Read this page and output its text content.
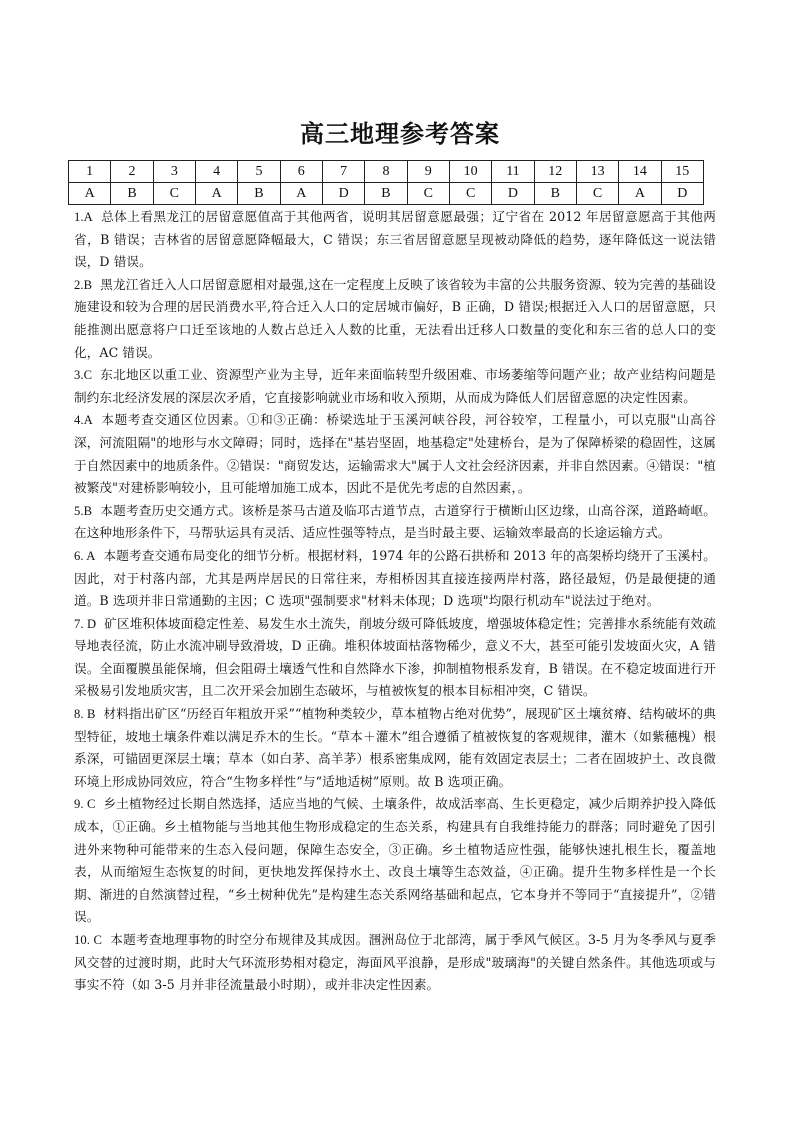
高三地理参考答案
1	2	3	4	5	6	7	8	9	10	11	12	13	14	15
A	B	C	A	B	A	D	B	C	C	D	B	C	A	D

1.A 总体上看黑龙江的居留意愿值高于其他两省，说明其居留意愿最强；辽宁省在 2012 年居留意愿高于其他两省，B 错误；吉林省的居留意愿降幅最大，C 错误；东三省居留意愿呈现被动降低的趋势，逐年降低这一说法错误，D 错误。

2.B 黑龙江省迁入人口居留意愿相对最强,这在一定程度上反映了该省较为丰富的公共服务资源、较为完善的基础设施建设和较为合理的居民消费水平,符合迁入人口的定居城市偏好，B 正确，D 错误;根据迁入人口的居留意愿，只能推测出愿意将户口迁至该地的人数占总迁入人数的比重，无法看出迁移人口数量的变化和东三省的总人口的变化，AC 错误。

3.C 东北地区以重工业、资源型产业为主导，近年来面临转型升级困难、市场萎缩等问题产业；故产业结构问题是制约东北经济发展的深层次矛盾，它直接影响就业市场和收入预期，从而成为降低人们居留意愿的决定性因素。

4.A 本题考查交通区位因素。①和③正确：桥梁选址于玉溪河峡谷段，河谷较窄，工程量小，可以克服"山高谷深，河流阻隔"的地形与水文障碍；同时，选择在"基岩坚固，地基稳定"处建桥台，是为了保障桥梁的稳固性，这属于自然因素中的地质条件。②错误："商贸发达，运输需求大"属于人文社会经济因素，并非自然因素。④错误："植被繁茂"对建桥影响较小，且可能增加施工成本，因此不是优先考虑的自然因素，。

5.B 本题考查历史交通方式。该桥是茶马古道及临邛古道节点，古道穿行于横断山区边缘，山高谷深，道路崎岖。在这种地形条件下，马帮驮运具有灵活、适应性强等特点，是当时最主要、运输效率最高的长途运输方式。

6. A 本题考查交通布局变化的细节分析。根据材料，1974 年的公路石拱桥和 2013 年的高架桥均绕开了玉溪村。因此，对于村落内部，尤其是两岸居民的日常往来，寿相桥因其直接连接两岸村落，路径最短，仍是最便捷的通道。B 选项并非日常通勤的主因；C 选项"强制要求"材料未体现；D 选项"均限行机动车"说法过于绝对。

7. D 矿区堆积体坡面稳定性差、易发生水土流失，削坡分级可降低坡度，增强坡体稳定性；完善排水系统能有效疏导地表径流，防止水流冲刷导致滑坡，D 正确。堆积体坡面枯落物稀少，意义不大，甚至可能引发坡面火灾，A 错误。全面覆膜虽能保墒，但会阻碍土壤透气性和自然降水下渗，抑制植物根系发育，B 错误。在不稳定坡面进行开采极易引发地质灾害，且二次开采会加剧生态破坏，与植被恢复的根本目标相冲突，C 错误。

8. B 材料指出矿区“历经百年粗放开采”“植物种类较少，草本植物占绝对优势”，展现矿区土壤贫瘠、结构破坏的典型特征，坡地土壤条件难以满足乔木的生长。“草本＋灌木”组合遵循了植被恢复的客观规律，灌木（如紫穗槐）根系深，可锚固更深层土壤；草本（如白茅、高羊茅）根系密集成网，能有效固定表层土；二者在固坡护土、改良微环境上形成协同效应，符合“生物多样性”与“适地适树”原则。故 B 选项正确。

9. C 乡土植物经过长期自然选择，适应当地的气候、土壤条件，故成活率高、生长更稳定，减少后期养护投入降低成本，①正确。乡土植物能与当地其他生物形成稳定的生态关系，构建具有自我维持能力的群落；同时避免了因引进外来物种可能带来的生态入侵问题，保障生态安全，③正确。乡土植物适应性强，能够快速扎根生长，覆盖地表，从而缩短生态恢复的时间，更快地发挥保持水土、改良土壤等生态效益，④正确。提升生物多样性是一个长期、渐进的自然演替过程，“乡土树种优先”是构建生态关系网络基础和起点，它本身并不等同于“直接提升”，②错误。

10. C 本题考查地理事物的时空分布规律及其成因。涠洲岛位于北部湾，属于季风气候区。3-5 月为冬季风与夏季风交替的过渡时期，此时大气环流形势相对稳定，海面风平浪静，是形成"玻璃海"的关键自然条件。其他选项或与事实不符（如 3-5 月并非径流量最小时期），或并非决定性因素。
